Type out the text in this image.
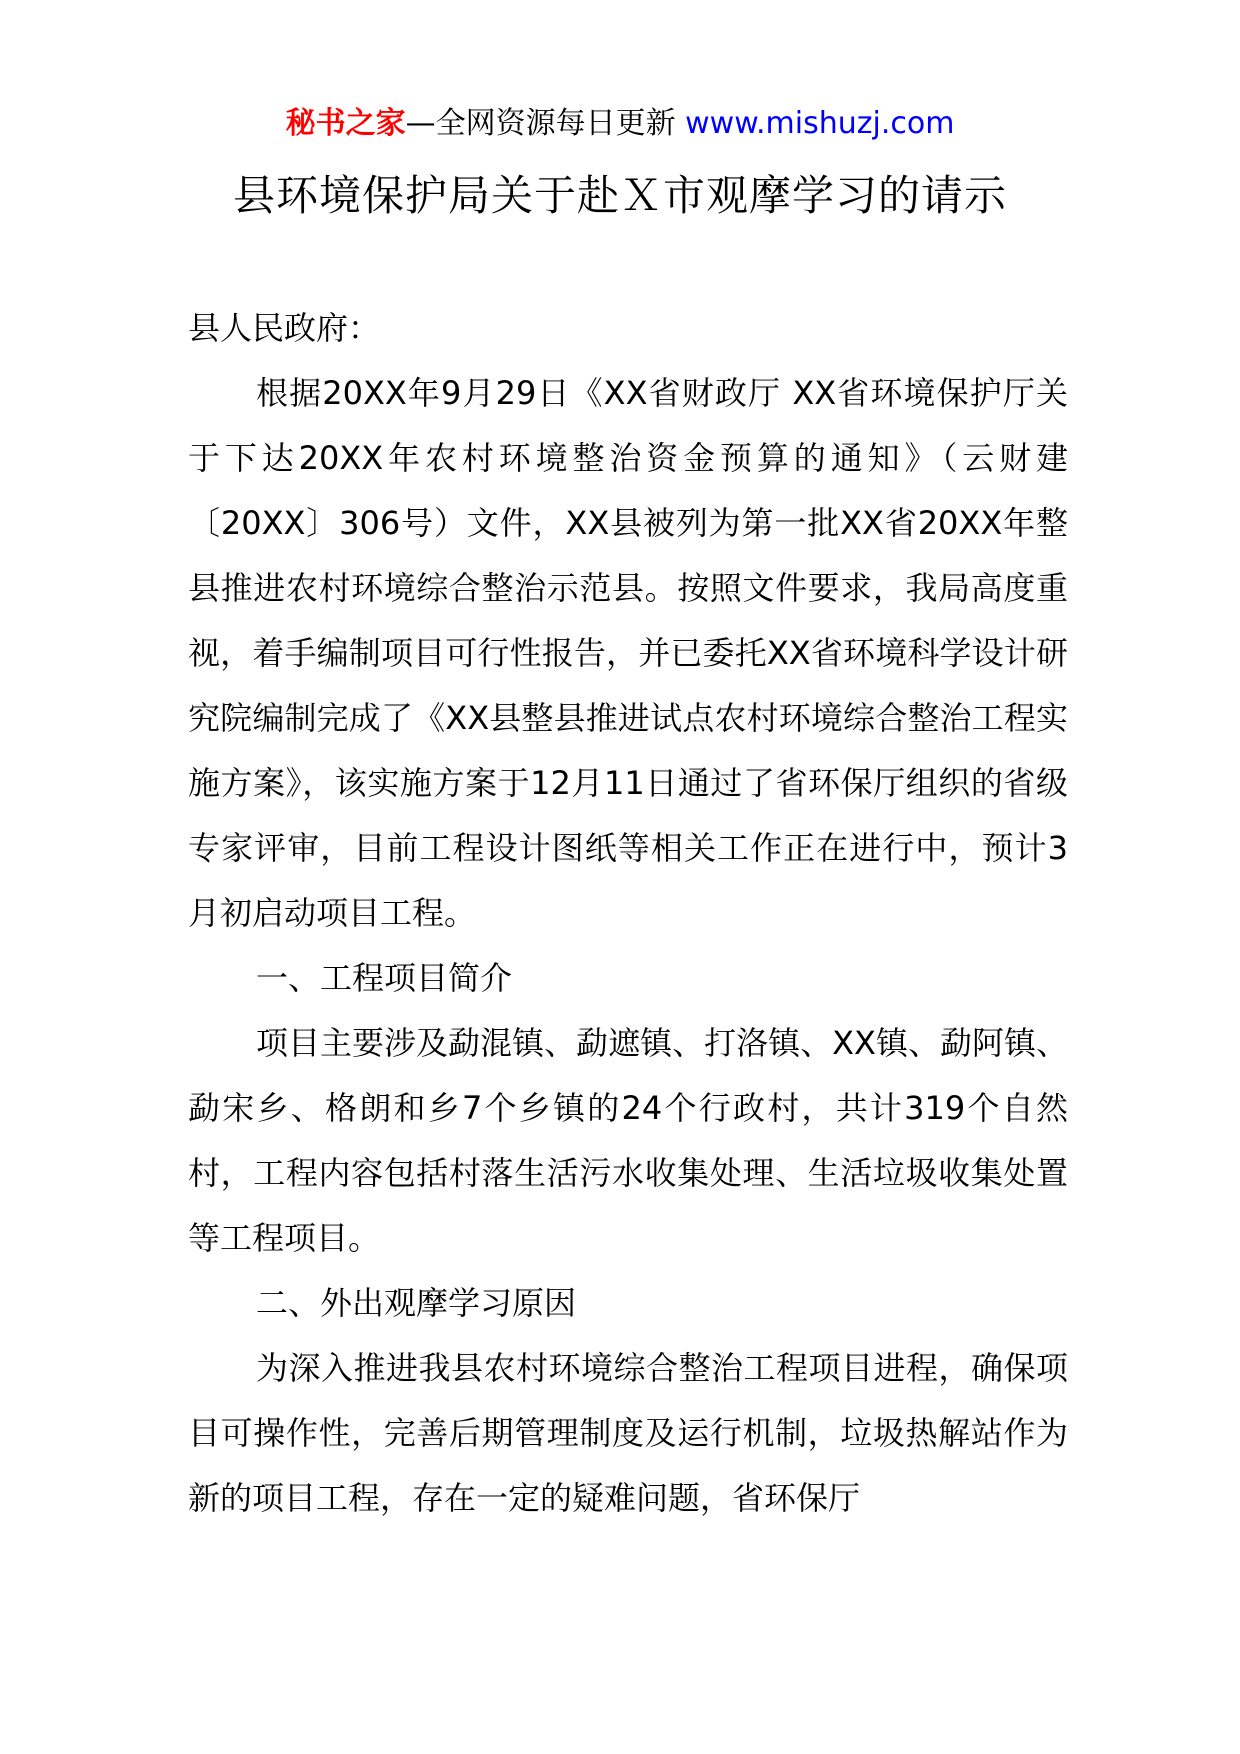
秘书之家—全网资源每日更新 www.mishuzj.com
县环境保护局关于赴Ｘ市观摩学习的请示

县人民政府：

根据20XX年9月29日《XX省财政厅 XX省环境保护厅关于下达20XX年农村环境整治资金预算的通知》（云财建〔20XX〕306号）文件，XX县被列为第一批XX省20XX年整县推进农村环境综合整治示范县。按照文件要求，我局高度重视，着手编制项目可行性报告，并已委托XX省环境科学设计研究院编制完成了《XX县整县推进试点农村环境综合整治工程实施方案》，该实施方案于12月11日通过了省环保厅组织的省级专家评审，目前工程设计图纸等相关工作正在进行中，预计3月初启动项目工程。

一、工程项目简介

项目主要涉及勐混镇、勐遮镇、打洛镇、XX镇、勐阿镇、勐宋乡、格朗和乡7个乡镇的24个行政村，共计319个自然村，工程内容包括村落生活污水收集处理、生活垃圾收集处置等工程项目。

二、外出观摩学习原因

为深入推进我县农村环境综合整治工程项目进程，确保项目可操作性，完善后期管理制度及运行机制，垃圾热解站作为新的项目工程，存在一定的疑难问题，省环保厅
